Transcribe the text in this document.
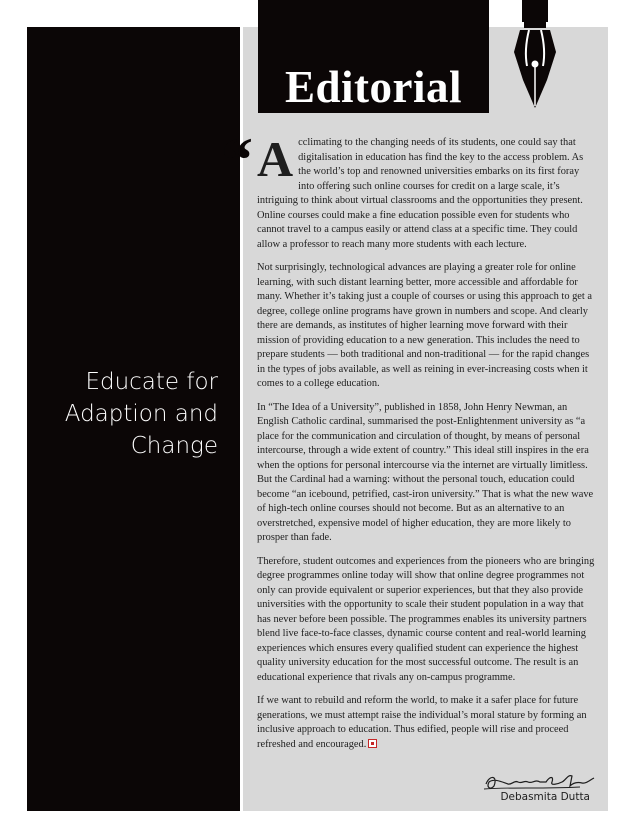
Editorial
Educate for
Adaption and
Change
“ Acclimating to the changing needs of its students, one could say that digitalisation in education has find the key to the access problem. As the world’s top and renowned universities embarks on its first foray into offering such online courses for credit on a large scale, it’s intriguing to think about virtual classrooms and the opportunities they present. Online courses could make a fine education possible even for students who cannot travel to a campus easily or attend class at a specific time. They could allow a professor to reach many more students with each lecture.

Not surprisingly, technological advances are playing a greater role for online learning, with such distant learning better, more accessible and affordable for many. Whether it’s taking just a couple of courses or using this approach to get a degree, college online programs have grown in numbers and scope. And clearly there are demands, as institutes of higher learning move forward with their mission of providing education to a new generation. This includes the need to prepare students — both traditional and non-traditional — for the rapid changes in the types of jobs available, as well as reining in ever-increasing costs when it comes to a college education.

In “The Idea of a University”, published in 1858, John Henry Newman, an English Catholic cardinal, summarised the post-Enlightenment university as “a place for the communication and circulation of thought, by means of personal intercourse, through a wide extent of country.” This ideal still inspires in the era when the options for personal intercourse via the internet are virtually limitless. But the Cardinal had a warning: without the personal touch, education could become “an icebound, petrified, cast-iron university.” That is what the new wave of high-tech online courses should not become. But as an alternative to an overstretched, expensive model of higher education, they are more likely to prosper than fade.

Therefore, student outcomes and experiences from the pioneers who are bringing degree programmes online today will show that online degree programmes not only can provide equivalent or superior experiences, but that they also provide universities with the opportunity to scale their student population in a way that has never before been possible. The programmes enables its university partners blend live face-to-face classes, dynamic course content and real-world learning experiences which ensures every qualified student can experience the highest quality university education for the most successful outcome. The result is an educational experience that rivals any on-campus programme.

If we want to rebuild and reform the world, to make it a safer place for future generations, we must attempt raise the individual’s moral stature by forming an inclusive approach to education. Thus edified, people will rise and proceed refreshed and encouraged.

Debasmita Dutta
